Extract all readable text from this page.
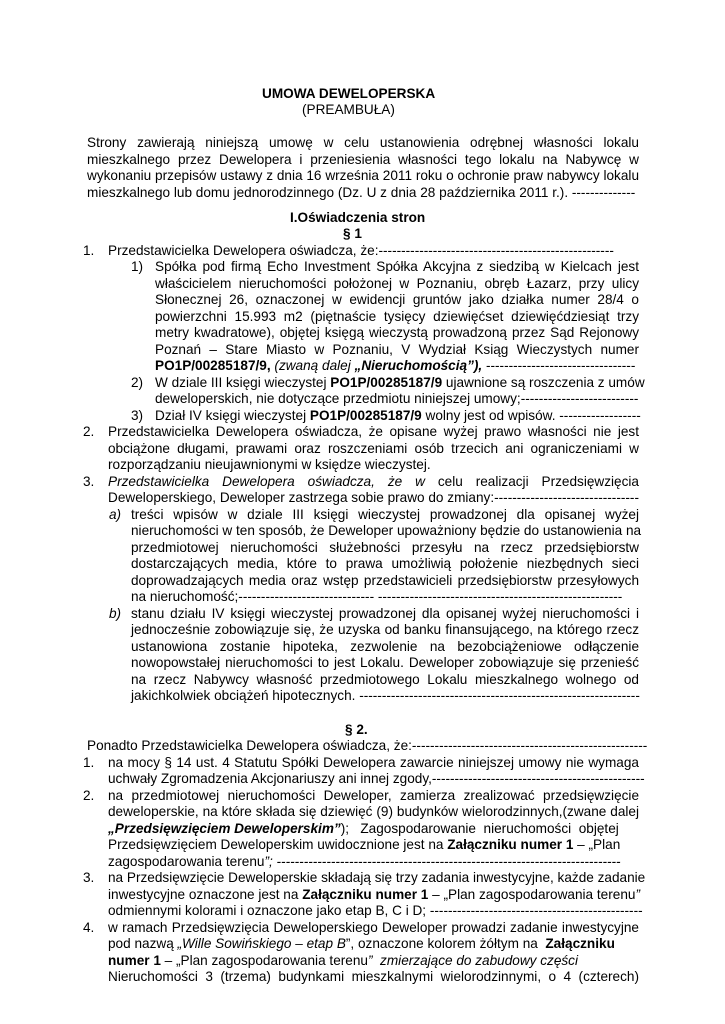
UMOWA DEWELOPERSKA
(PREAMBUŁA)
Strony zawierają niniejszą umowę w celu ustanowienia odrębnej własności lokalu
mieszkalnego przez Dewelopera i przeniesienia własności tego lokalu na Nabywcę w
wykonaniu przepisów ustawy z dnia 16 września 2011 roku o ochronie praw nabywcy lokalu
mieszkalnego lub domu jednorodzinnego (Dz. U z dnia 28 października 2011 r.). --------------
I.Oświadczenia stron
§ 1
1. Przedstawicielka Dewelopera oświadcza, że:----------------------------------------------------
1) Spółka pod firmą Echo Investment Spółka Akcyjna z siedzibą w Kielcach jest
właścicielem nieruchomości położonej w Poznaniu, obręb Łazarz, przy ulicy
Słonecznej 26, oznaczonej w ewidencji gruntów jako działka numer 28/4 o
powierzchni 15.993 m2 (piętnaście tysięcy dziewięćset dziewięćdziesiąt trzy
metry kwadratowe), objętej księgą wieczystą prowadzoną przez Sąd Rejonowy
Poznań – Stare Miasto w Poznaniu, V Wydział Ksiąg Wieczystych numer
PO1P/00285187/9, (zwaną dalej „Nieruchomością”), ---------------------------------
2) W dziale III księgi wieczystej PO1P/00285187/9 ujawnione są roszczenia z umów
deweloperskich, nie dotyczące przedmiotu niniejszej umowy;--------------------------
3) Dział IV księgi wieczystej PO1P/00285187/9 wolny jest od wpisów. ------------------
2. Przedstawicielka Dewelopera oświadcza, że opisane wyżej prawo własności nie jest
obciążone długami, prawami oraz roszczeniami osób trzecich ani ograniczeniami w
rozporządzaniu nieujawnionymi w księdze wieczystej.
3. Przedstawicielka Dewelopera oświadcza, że w celu realizacji Przedsięwzięcia
Deweloperskiego, Deweloper zastrzega sobie prawo do zmiany:--------------------------------
a) treści wpisów w dziale III księgi wieczystej prowadzonej dla opisanej wyżej
nieruchomości w ten sposób, że Deweloper upoważniony będzie do ustanowienia na
przedmiotowej nieruchomości służebności przesyłu na rzecz przedsiębiorstw
dostarczających media, które to prawa umożliwią położenie niezbędnych sieci
doprowadzających media oraz wstęp przedstawicieli przedsiębiorstw przesyłowych
na nieruchomość;------------------------------ ------------------------------------------------------
b) stanu działu IV księgi wieczystej prowadzonej dla opisanej wyżej nieruchomości i
jednocześnie zobowiązuje się, że uzyska od banku finansującego, na którego rzecz
ustanowiona zostanie hipoteka, zezwolenie na bezobciążeniowe odłączenie
nowopowstałej nieruchomości to jest Lokalu. Deweloper zobowiązuje się przenieść
na rzecz Nabywcy własność przedmiotowego Lokalu mieszkalnego wolnego od
jakichkolwiek obciążeń hipotecznych. --------------------------------------------------------------
§ 2.
Ponadto Przedstawicielka Dewelopera oświadcza, że:----------------------------------------------------
1. na mocy § 14 ust. 4 Statutu Spółki Dewelopera zawarcie niniejszej umowy nie wymaga
uchwały Zgromadzenia Akcjonariuszy ani innej zgody,-----------------------------------------------
2. na przedmiotowej nieruchomości Deweloper, zamierza zrealizować przedsięwzięcie
deweloperskie, na które składa się dziewięć (9) budynków wielorodzinnych,(zwane dalej
„Przedsięwzięciem Deweloperskim”);   Zagospodarowanie  nieruchomości  objętej
Przedsięwzięciem Deweloperskim uwidocznione jest na Załączniku numer 1 – „Plan
zagospodarowania terenu”; ----------------------------------------------------------------------------
3. na Przedsięwzięcie Deweloperskie składają się trzy zadania inwestycyjne, każde zadanie
inwestycyjne oznaczone jest na Załączniku numer 1 – „Plan zagospodarowania terenu”
odmiennymi kolorami i oznaczone jako etap B, C i D; -----------------------------------------------
4. w ramach Przedsięwzięcia Deweloperskiego Deweloper prowadzi zadanie inwestycyjne
pod nazwą „Wille Sowińskiego – etap B”, oznaczone kolorem żółtym na  Załączniku
numer 1 – „Plan zagospodarowania terenu”  zmierzające do zabudowy części
Nieruchomości 3 (trzema) budynkami mieszkalnymi wielorodzinnymi, o 4 (czterech)
